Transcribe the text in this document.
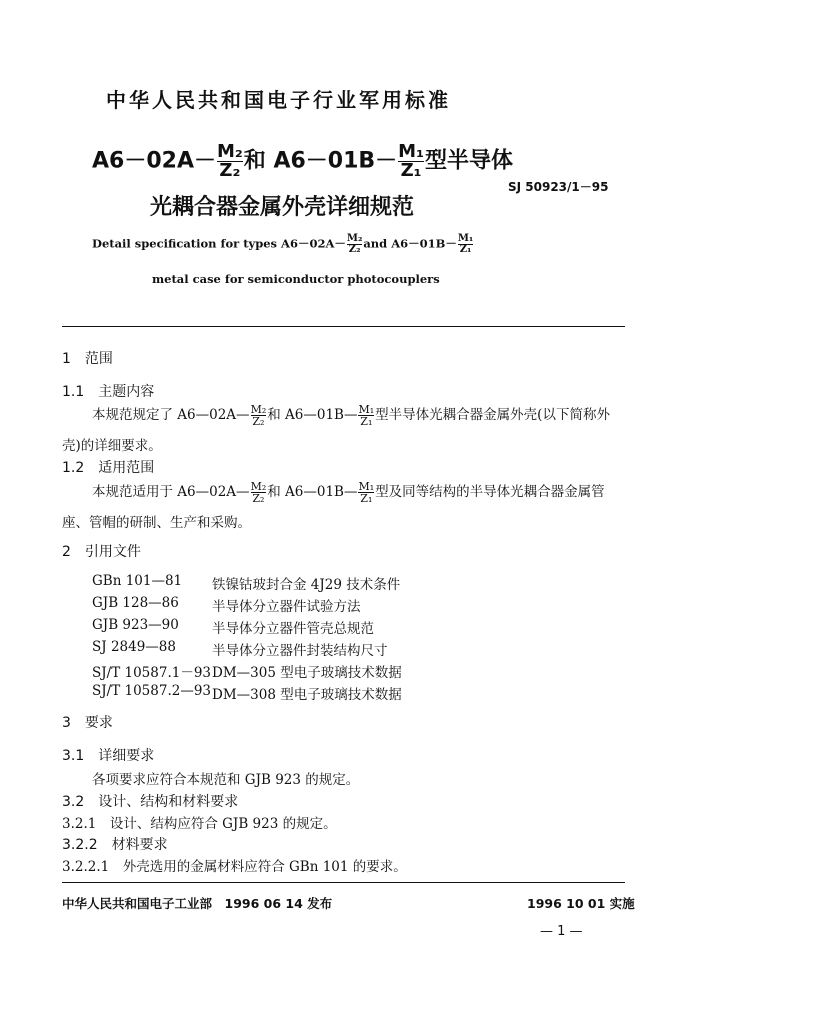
中华人民共和国电子行业军用标准
$A6-02A- \frac{\text{M₂}}{\text{Z₂}}$ 和 $A6-01B- \frac{\text{M₁}}{\text{Z₁}}$ 型半导体
光耦合器金属外壳详细规范
SJ 50923/1－95
Detail specification for types $A6-02A- \frac{\text{M₂}}{\text{Z₂}}$ and $A6-01B- \frac{\text{M₁}}{\text{Z₁}}$
metal case for semiconductor photocouplers
1　范围
1.1　主题内容
本规范规定了 A6—02A— $\frac{\text{M₂}}{\text{Z₂}}$ 和 A6—01B— $\frac{\text{M₁}}{\text{Z₁}}$ 型半导体光耦合器金属外壳(以下简称外
壳)的详细要求。
1.2　适用范围
本规范适用于 A6—02A— $\frac{\text{M₂}}{\text{Z₂}}$ 和 A6—01B— $\frac{\text{M₁}}{\text{Z₁}}$ 型及同等结构的半导体光耦合器金属管
座、管帽的研制、生产和采购。
2　引用文件
GBn 101—81 铁镍钴玻封合金 4J29 技术条件
GJB 128—86 半导体分立器件试验方法
GJB 923—90 半导体分立器件管壳总规范
SJ 2849—88	半导体分立器件封装结构尺寸
SJ/T 10587.1－93 DM—305 型电子玻璃技术数据
SJ/T 10587.2—93 DM—308 型电子玻璃技术数据
3　要求
3.1　详细要求
各项要求应符合本规范和 GJB 923 的规定。
3.2　设计、结构和材料要求
3.2.1　设计、结构应符合 GJB 923 的规定。
3.2.2　材料要求
3.2.2.1　外壳选用的金属材料应符合 GBn 101 的要求。
中华人民共和国电子工业部　1996 06 14 发布	1996 10 01 实施
— 1 —
